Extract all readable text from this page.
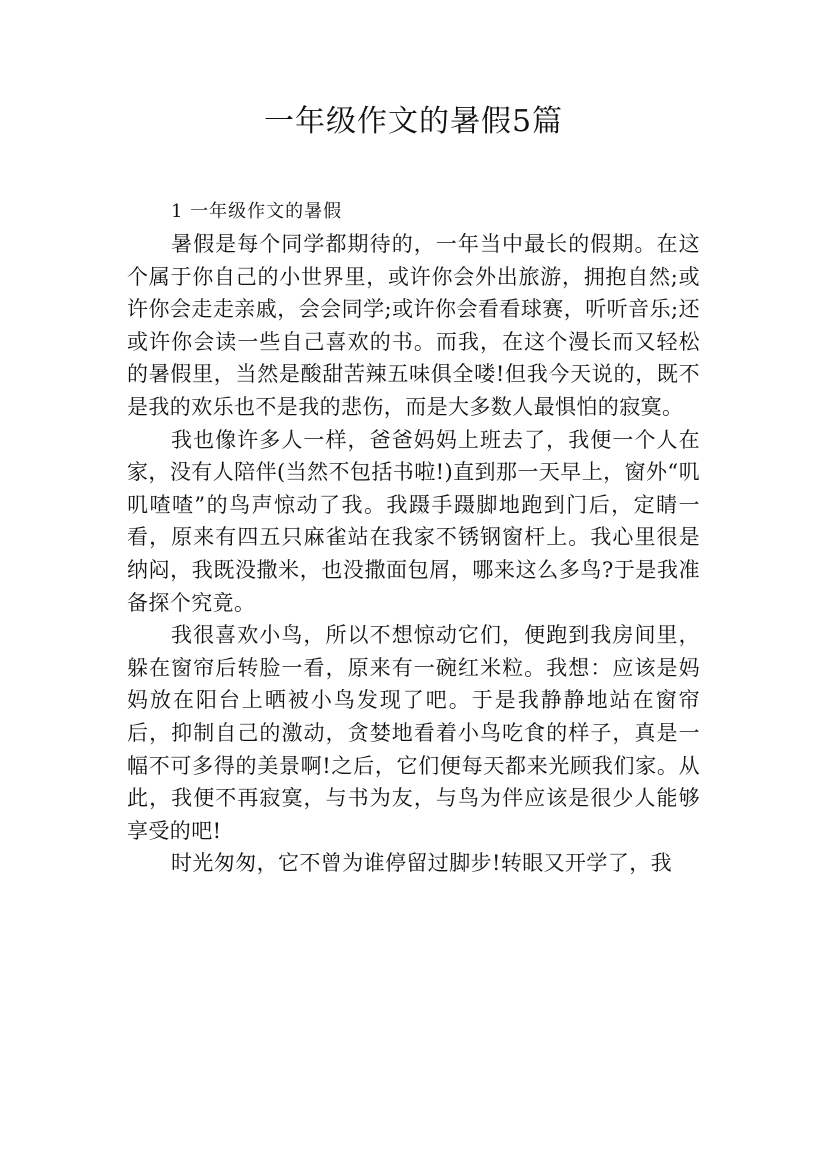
一年级作文的暑假5篇

1 一年级作文的暑假

暑假是每个同学都期待的，一年当中最长的假期。在这个属于你自己的小世界里，或许你会外出旅游，拥抱自然;或许你会走走亲戚，会会同学;或许你会看看球赛，听听音乐;还或许你会读一些自己喜欢的书。而我，在这个漫长而又轻松的暑假里，当然是酸甜苦辣五味俱全喽!但我今天说的，既不是我的欢乐也不是我的悲伤，而是大多数人最惧怕的寂寞。

我也像许多人一样，爸爸妈妈上班去了，我便一个人在家，没有人陪伴(当然不包括书啦!)直到那一天早上，窗外“叽叽喳喳”的鸟声惊动了我。我蹑手蹑脚地跑到门后，定睛一看，原来有四五只麻雀站在我家不锈钢窗杆上。我心里很是纳闷，我既没撒米，也没撒面包屑，哪来这么多鸟?于是我准备探个究竟。

我很喜欢小鸟，所以不想惊动它们，便跑到我房间里，躲在窗帘后转脸一看，原来有一碗红米粒。我想：应该是妈妈放在阳台上晒被小鸟发现了吧。于是我静静地站在窗帘后，抑制自己的激动，贪婪地看着小鸟吃食的样子，真是一幅不可多得的美景啊!之后，它们便每天都来光顾我们家。从此，我便不再寂寞，与书为友，与鸟为伴应该是很少人能够享受的吧!

时光匆匆，它不曾为谁停留过脚步!转眼又开学了，我
